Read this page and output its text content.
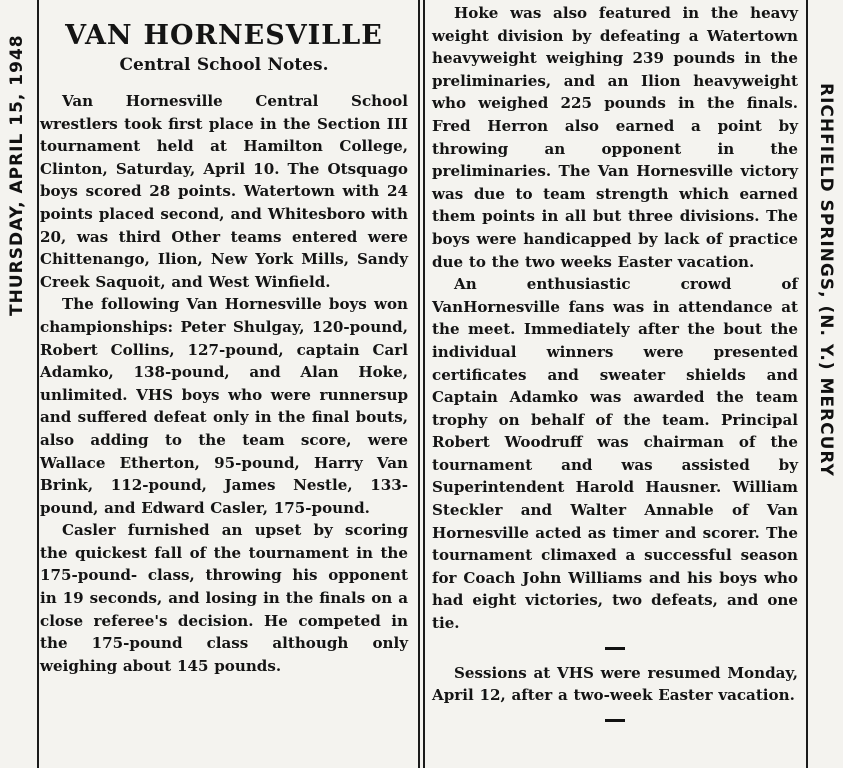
THURSDAY, APRIL 15, 1948	VAN HORNESVILLE
Central School Notes.

Van Hornesville Central School wrestlers took first place in the Section III tournament held at Hamilton College, Clinton, Saturday, April 10. The Otsquago boys scored 28 points. Watertown with 24 points placed second, and Whitesboro with 20, was third Other teams entered were Chittenango, Ilion, New York Mills, Sandy Creek Saquoit, and West Winfield.

The following Van Hornesville boys won championships: Peter Shulgay, 120-pound, Robert Collins, 127-pound, captain Carl Adamko, 138-pound, and Alan Hoke, unlimited. VHS boys who were runnersup and suffered defeat only in the final bouts, also adding to the team score, were Wallace Etherton, 95-pound, Harry Van Brink, 112-pound, James Nestle, 133-pound, and Edward Casler, 175-pound.

Casler furnished an upset by scoring the quickest fall of the tournament in the 175-pound- class, throwing his opponent in 19 seconds, and losing in the finals on a close referee's decision. He competed in the 175-pound class although only weighing about 145 pounds.

Hoke was also featured in the heavy weight division by defeating a Watertown heavyweight weighing 239 pounds in the preliminaries, and an Ilion heavyweight who weighed 225 pounds in the finals. Fred Herron also earned a point by throwing an opponent in the preliminaries. The Van Hornesville victory was due to team strength which earned them points in all but three divisions. The boys were handicapped by lack of practice due to the two weeks Easter vacation.

An enthusiastic crowd of VanHornesville fans was in attendance at the meet. Immediately after the bout the individual winners were presented certificates and sweater shields and Captain Adamko was awarded the team trophy on behalf of the team. Principal Robert Woodruff was chairman of the tournament and was assisted by Superintendent Harold Hausner. William Steckler and Walter Annable of Van Hornesville acted as timer and scorer. The tournament climaxed a successful season for Coach John Williams and his boys who had eight victories, two defeats, and one tie.

Sessions at VHS were resumed Monday, April 12, after a two-week Easter vacation.

RICHFIELD SPRINGS, (N. Y.) MERCURY
